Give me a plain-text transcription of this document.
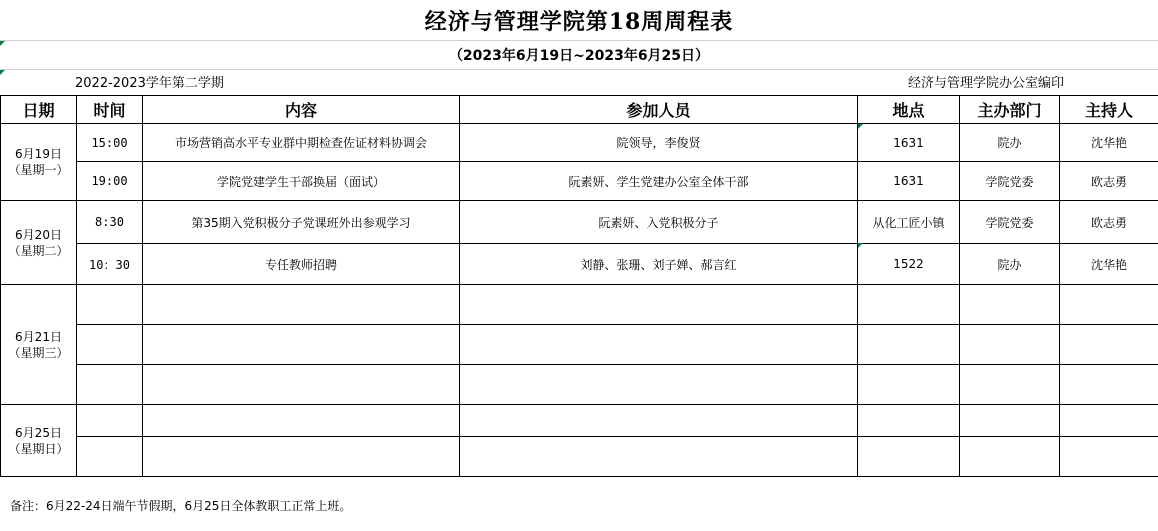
经济与管理学院第18周周程表
（2023年6月19日~2023年6月25日）
2022-2023学年第二学期	经济与管理学院办公室编印
日期	时间	内容	参加人员	地点	主办部门	主持人
6月19日
（星期一）	15:00	市场营销高水平专业群中期检查佐证材料协调会	院领导，李俊贤	1631	院办	沈华艳
	19:00	学院党建学生干部换届（面试）	阮素妍、学生党建办公室全体干部	1631	学院党委	欧志勇
6月20日
（星期二）	8:30	第35期入党积极分子党课班外出参观学习	阮素妍、入党积极分子	从化工匠小镇	学院党委	欧志勇
	10：30	专任教师招聘	刘静、张珊、刘子婵、郝言红	1522	院办	沈华艳
6月21日
（星期三）						

6月25日
（星期日）						

备注：6月22-24日端午节假期，6月25日全体教职工正常上班。
